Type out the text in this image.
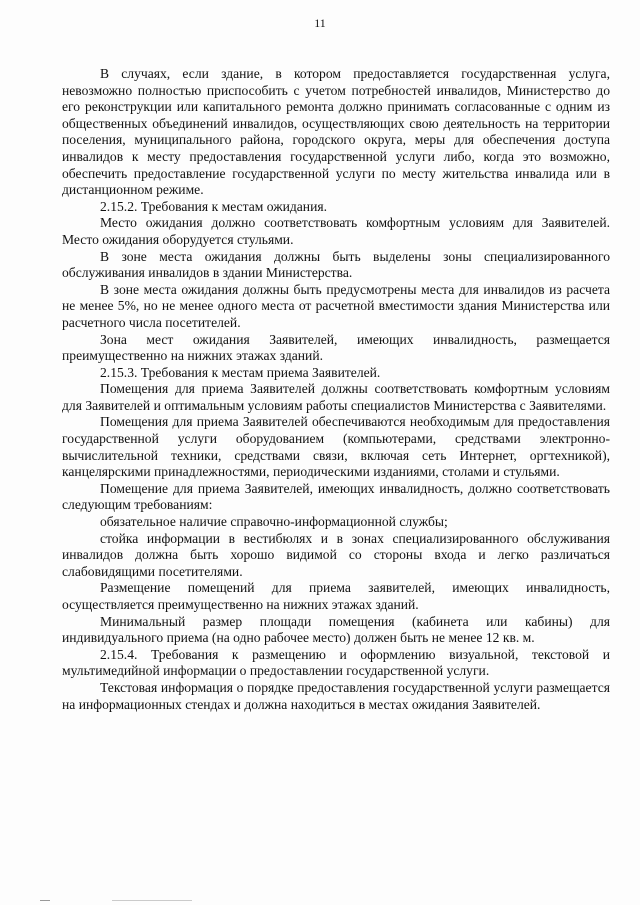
11

В случаях, если здание, в котором предоставляется государственная услуга, невозможно полностью приспособить с учетом потребностей инвалидов, Министерство до его реконструкции или капитального ремонта должно принимать согласованные с одним из общественных объединений инвалидов, осуществляющих свою деятельность на территории поселения, муниципального района, городского округа, меры для обеспечения доступа инвалидов к месту предоставления государственной услуги либо, когда это возможно, обеспечить предоставление государственной услуги по месту жительства инвалида или в дистанционном режиме.

2.15.2. Требования к местам ожидания.

Место ожидания должно соответствовать комфортным условиям для Заявителей. Место ожидания оборудуется стульями.

В зоне места ожидания должны быть выделены зоны специализированного обслуживания инвалидов в здании Министерства.

В зоне места ожидания должны быть предусмотрены места для инвалидов из расчета не менее 5%, но не менее одного места от расчетной вместимости здания Министерства или расчетного числа посетителей.

Зона мест ожидания Заявителей, имеющих инвалидность, размещается преимущественно на нижних этажах зданий.

2.15.3. Требования к местам приема Заявителей.

Помещения для приема Заявителей должны соответствовать комфортным условиям для Заявителей и оптимальным условиям работы специалистов Министерства с Заявителями.

Помещения для приема Заявителей обеспечиваются необходимым для предоставления государственной услуги оборудованием (компьютерами, средствами электронно-вычислительной техники, средствами связи, включая сеть Интернет, оргтехникой), канцелярскими принадлежностями, периодическими изданиями, столами и стульями.

Помещение для приема Заявителей, имеющих инвалидность, должно соответствовать следующим требованиям:

обязательное наличие справочно-информационной службы;

стойка информации в вестибюлях и в зонах специализированного обслуживания инвалидов должна быть хорошо видимой со стороны входа и легко различаться слабовидящими посетителями.

Размещение помещений для приема заявителей, имеющих инвалидность, осуществляется преимущественно на нижних этажах зданий.

Минимальный размер площади помещения (кабинета или кабины) для индивидуального приема (на одно рабочее место) должен быть не менее 12 кв. м.

2.15.4. Требования к размещению и оформлению визуальной, текстовой и мультимедийной информации о предоставлении государственной услуги.

Текстовая информация о порядке предоставления государственной услуги размещается на информационных стендах и должна находиться в местах ожидания Заявителей.
